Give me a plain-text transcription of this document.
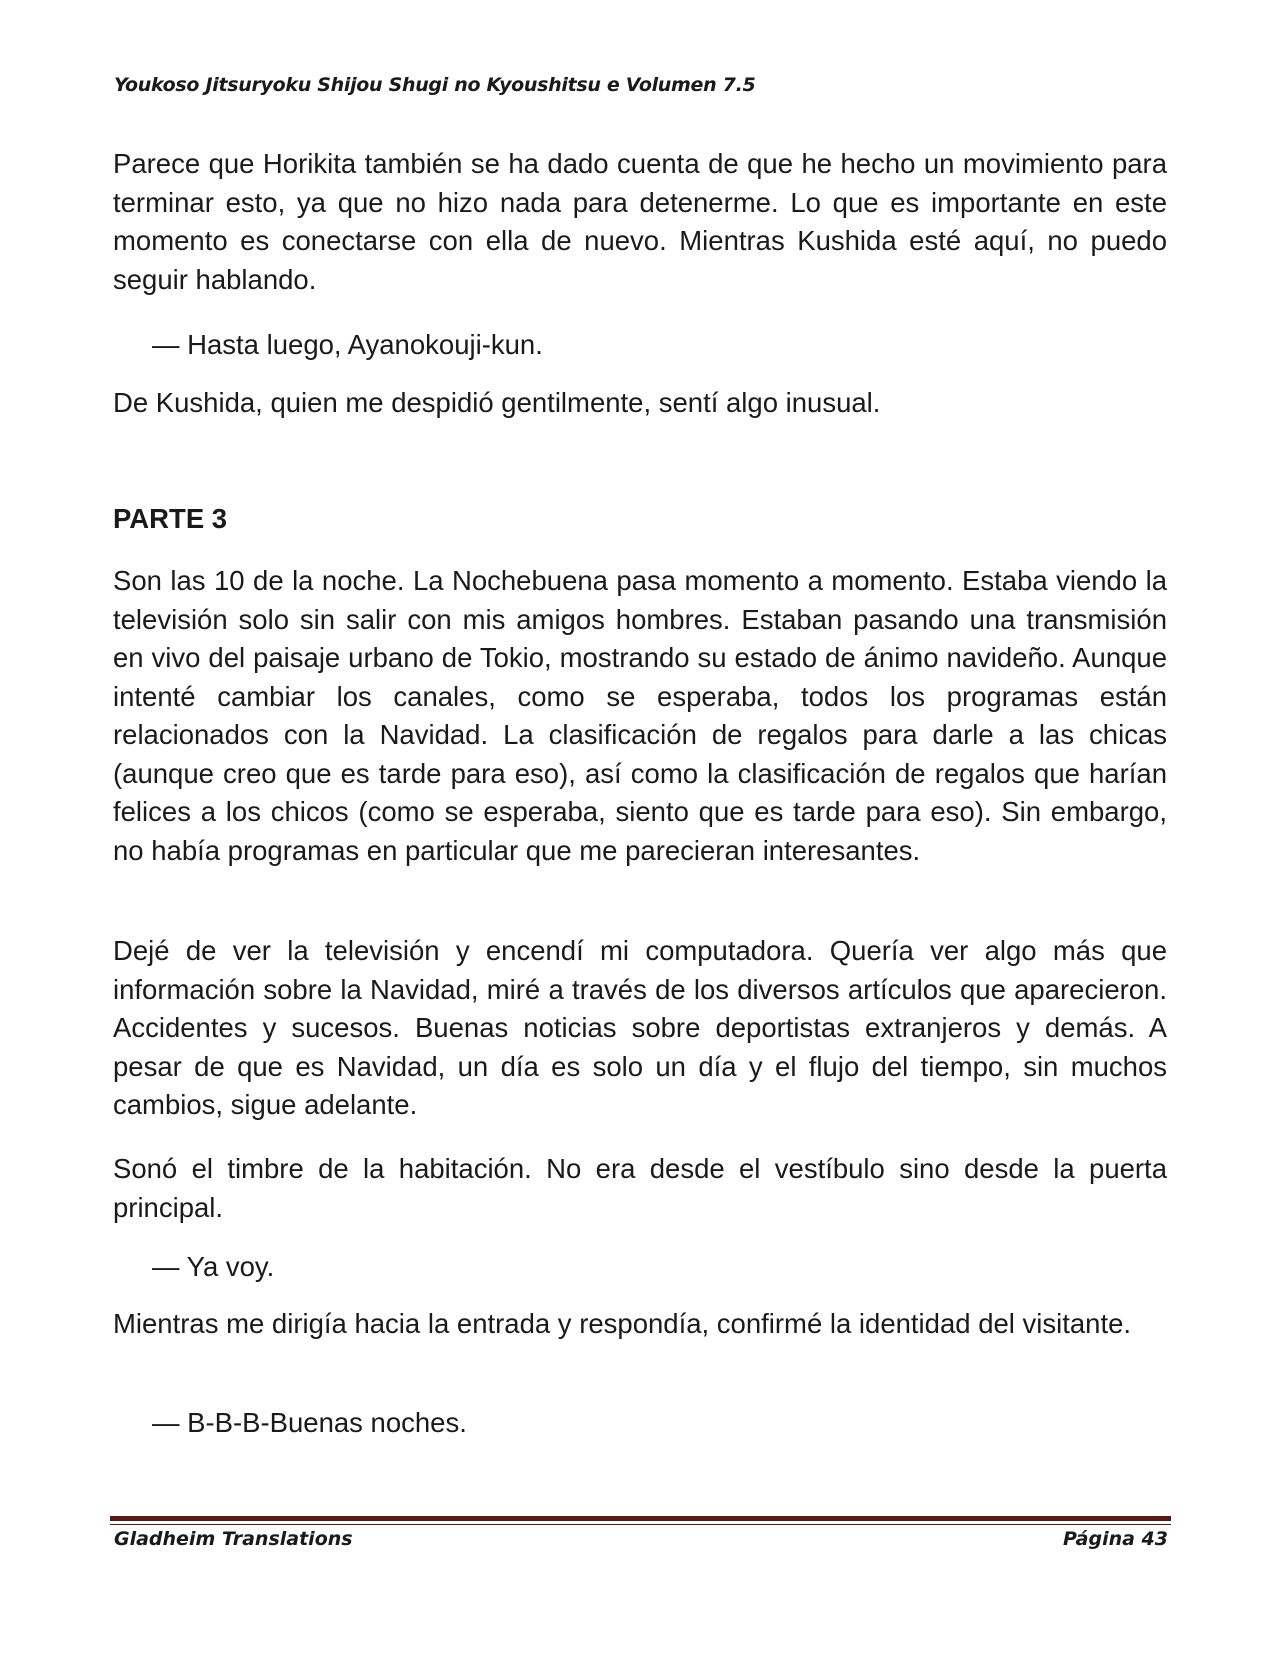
Youkoso Jitsuryoku Shijou Shugi no Kyoushitsu e Volumen 7.5
Parece que Horikita también se ha dado cuenta de que he hecho un movimiento para terminar esto, ya que no hizo nada para detenerme. Lo que es importante en este momento es conectarse con ella de nuevo. Mientras Kushida esté aquí, no puedo seguir hablando.
— Hasta luego, Ayanokouji-kun.
De Kushida, quien me despidió gentilmente, sentí algo inusual.
PARTE 3
Son las 10 de la noche. La Nochebuena pasa momento a momento. Estaba viendo la televisión solo sin salir con mis amigos hombres. Estaban pasando una transmisión en vivo del paisaje urbano de Tokio, mostrando su estado de ánimo navideño. Aunque intenté cambiar los canales, como se esperaba, todos los programas están relacionados con la Navidad. La clasificación de regalos para darle a las chicas (aunque creo que es tarde para eso), así como la clasificación de regalos que harían felices a los chicos (como se esperaba, siento que es tarde para eso). Sin embargo, no había programas en particular que me parecieran interesantes.
Dejé de ver la televisión y encendí mi computadora. Quería ver algo más que información sobre la Navidad, miré a través de los diversos artículos que aparecieron. Accidentes y sucesos. Buenas noticias sobre deportistas extranjeros y demás. A pesar de que es Navidad, un día es solo un día y el flujo del tiempo, sin muchos cambios, sigue adelante.
Sonó el timbre de la habitación. No era desde el vestíbulo sino desde la puerta principal.
— Ya voy.
Mientras me dirigía hacia la entrada y respondía, confirmé la identidad del visitante.
— B-B-B-Buenas noches.
Gladheim Translations	Página 43
